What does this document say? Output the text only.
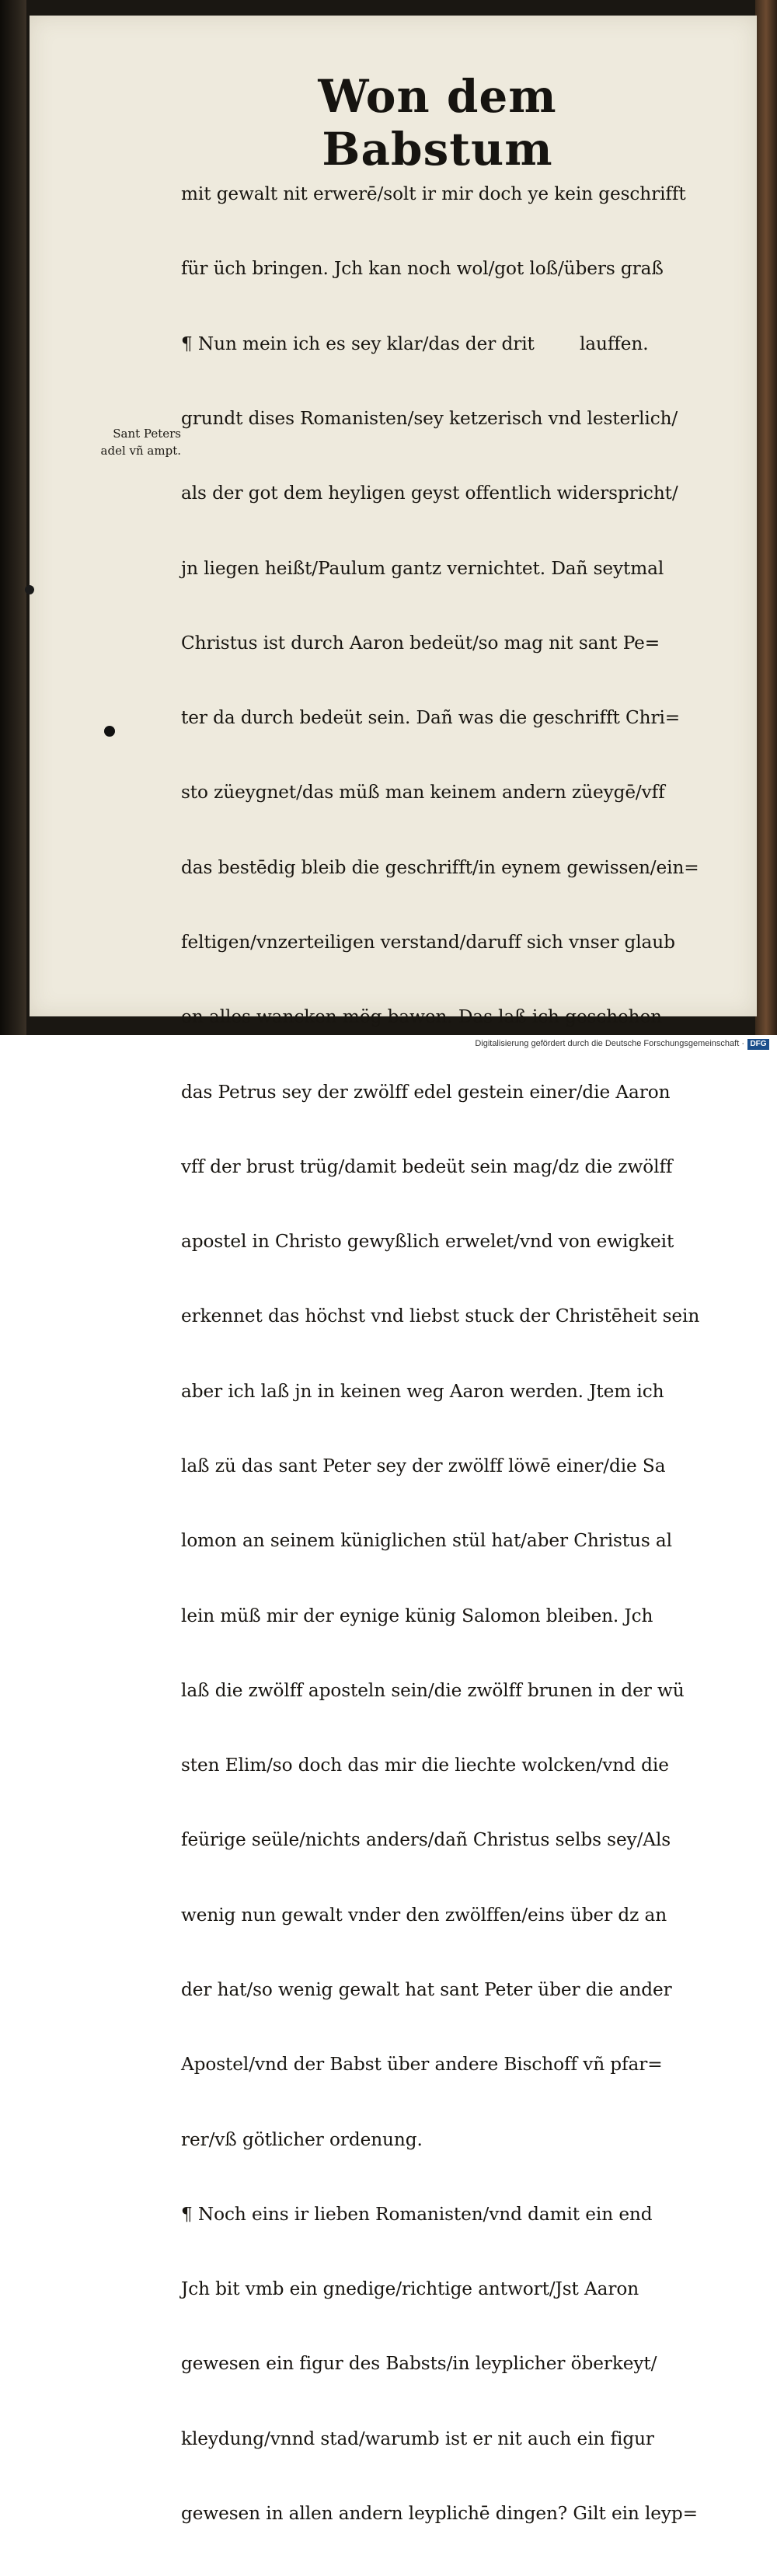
Won dem Babstum
Sant Peters
adel vñ ampt.

mit gewalt nit erwerē/solt ir mir doch ye kein geschrifft

für üch bringen. Jch kan noch wol/got loß/übers graß

¶ Nun mein ich es sey klar/das der drit        lauffen.

grundt dises Romanisten/sey ketzerisch vnd lesterlich/

als der got dem heyligen geyst offentlich widerspricht/

jn liegen heißt/Paulum gantz vernichtet. Dañ seytmal

Christus ist durch Aaron bedeüt/so mag nit sant Pe=

ter da durch bedeüt sein. Dañ was die geschrifft Chri=

sto züeygnet/das müß man keinem andern züeygē/vff

das bestēdig bleib die geschrifft/in eynem gewissen/ein=

feltigen/vnzerteiligen verstand/daruff sich vnser glaub

on alles wancken mög bawen. Das laß ich geschehen

das Petrus sey der zwölff edel gestein einer/die Aaron

vff der brust trüg/damit bedeüt sein mag/dz die zwölff

apostel in Christo gewyßlich erwelet/vnd von ewigkeit

erkennet das höchst vnd liebst stuck der Christēheit sein

aber ich laß jn in keinen weg Aaron werden. Jtem ich

laß zü das sant Peter sey der zwölff löwē einer/die Sa

lomon an seinem küniglichen stül hat/aber Christus al

lein müß mir der eynige künig Salomon bleiben. Jch

laß die zwölff aposteln sein/die zwölff brunen in der wü

sten Elim/so doch das mir die liechte wolcken/vnd die

feürige seüle/nichts anders/dañ Christus selbs sey/Als

wenig nun gewalt vnder den zwölffen/eins über dz an

der hat/so wenig gewalt hat sant Peter über die ander

Apostel/vnd der Babst über andere Bischoff vñ pfar=

rer/vß götlicher ordenung.

¶ Noch eins ir lieben Romanisten/vnd damit ein end

Jch bit vmb ein gnedige/richtige antwort/Jst Aaron

gewesen ein figur des Babsts/in leyplicher öberkeyt/

kleydung/vnnd stad/warumb ist er nit auch ein figur

gewesen in allen andern leyplichē dingen? Gilt ein leyp=

Digitalisierung gefördert durch die Deutsche Forschungsgemeinschaft · DFG
